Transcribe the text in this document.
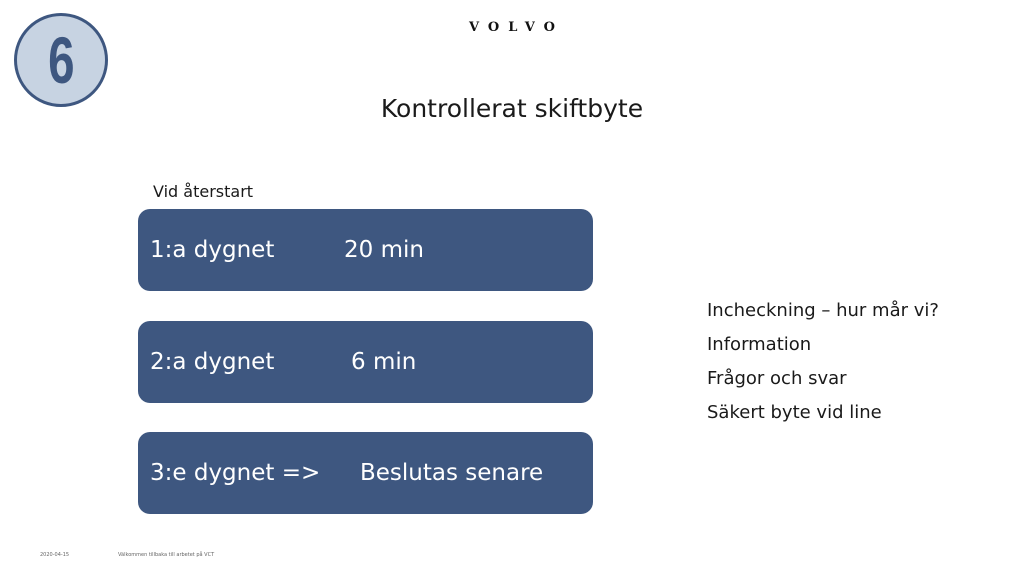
6	VOLVO
Kontrollerat skiftbyte
Vid återstart
1:a dygnet	20 min
2:a dygnet	6 min
3:e dygnet => Beslutas senare
Incheckning – hur mår vi?
Information
Frågor och svar
Säkert byte vid line
2020-04-15	Välkommen tillbaka till arbetet på VCT
